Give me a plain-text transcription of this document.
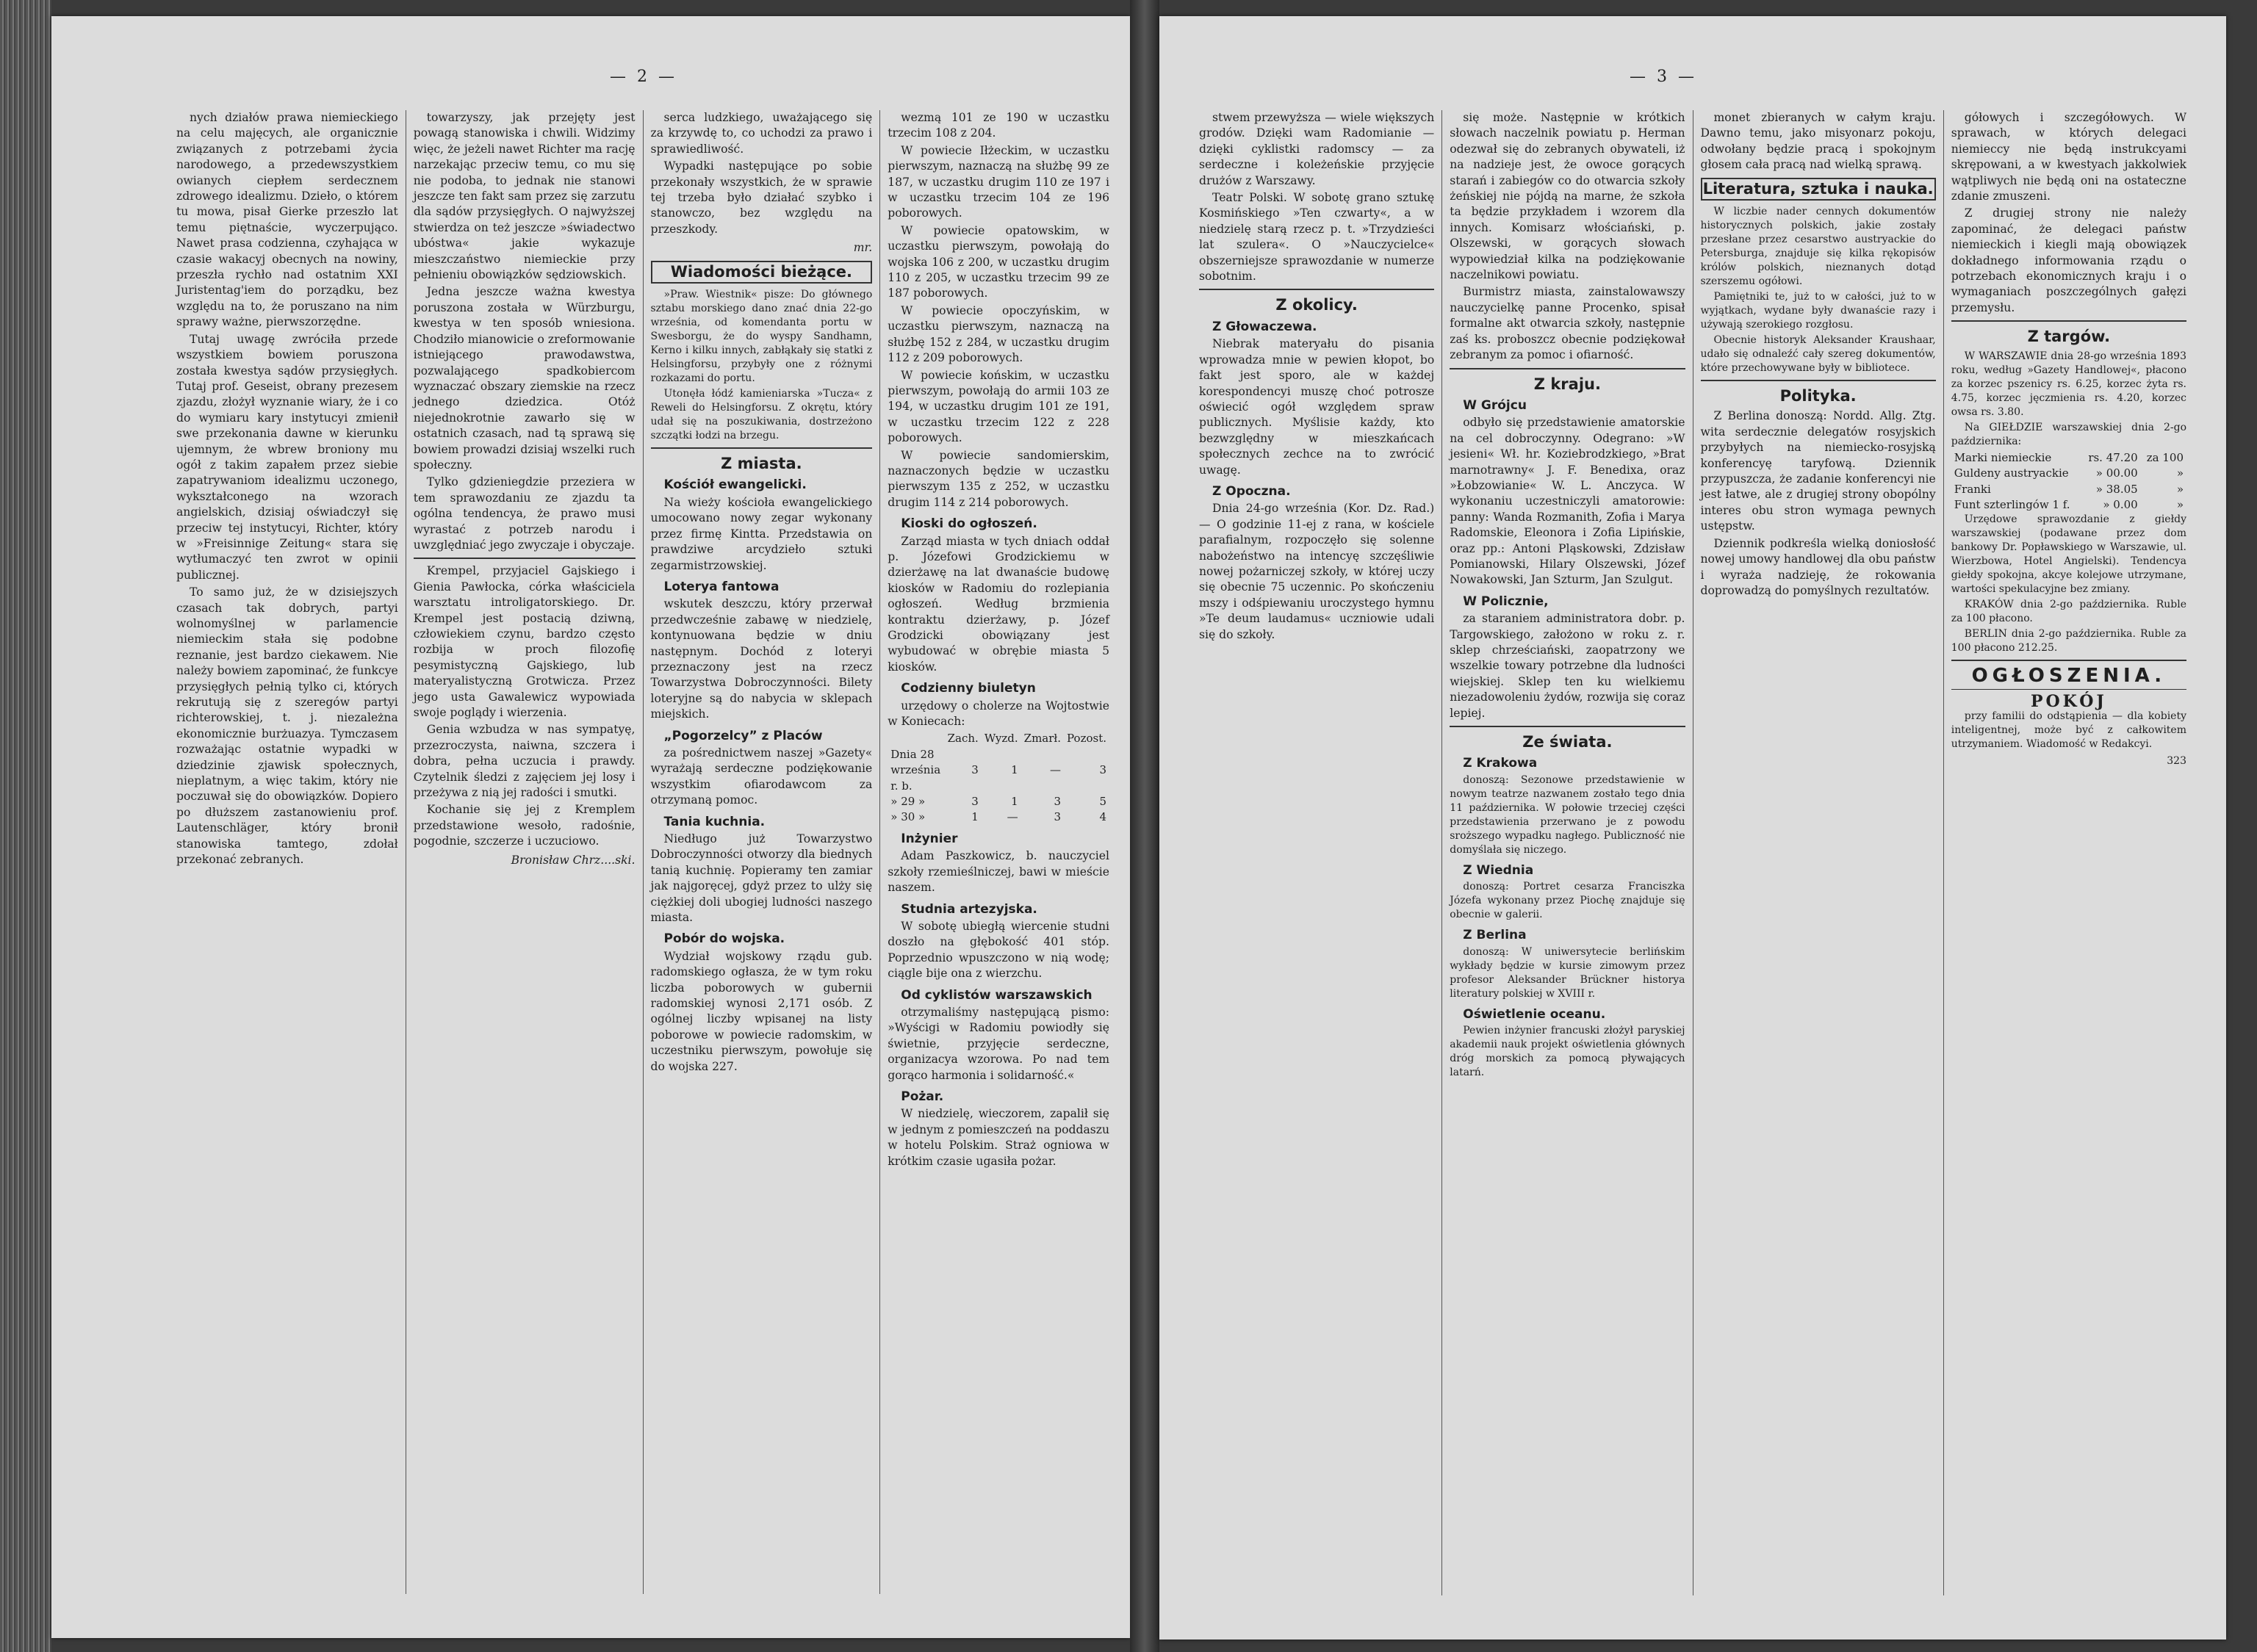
— 2 —

nych działów prawa niemieckiego na celu majęcych, ale organicznie związanych z potrzebami życia narodowego, a przedewszystkiem owianych ciepłem serdecznem zdrowego idealizmu. Dzieło, o którem tu mowa, pisał Gierke przeszło lat temu piętnaście, wyczerpująco. Nawet prasa codzienna, czyhająca w czasie wakacyj obecnych na nowiny, przeszła rychło nad ostatnim XXI Juristentag'iem do porządku, bez względu na to, że poruszano na nim sprawy ważne, pierwszorzędne.

Tutaj uwagę zwróciła przede wszystkiem bowiem poruszona została kwestya sądów przysięgłych. Tutaj prof. Geseist, obrany prezesem zjazdu, złożył wyznanie wiary, że i co do wymiaru kary instytucyi zmienił swe przekonania dawne w kierunku ujemnym, że wbrew broniony mu ogół z takim zapałem przez siebie zapatrywaniom idealizmu uczonego, wykształconego na wzorach angielskich, dzisiaj oświadczył się przeciw tej instytucyi, Richter, który w »Freisinnige Zeitung« stara się wytłumaczyć ten zwrot w opinii publicznej.

To samo już, że w dzisiejszych czasach tak dobrych, partyi wolnomyślnej w parlamencie niemieckim stała się podobne reznanie, jest bardzo ciekawem. Nie należy bowiem zapominać, że funkcye przysięgłych pełnią tylko ci, których rekrutują się z szeregów partyi richterowskiej, t. j. niezależna ekonomicznie burżuazya. Tymczasem rozważając ostatnie wypadki w dziedzinie zjawisk społecznych, nieplatnym, a więc takim, który nie poczuwał się do obowiązków. Dopiero po dłuższem zastanowieniu prof. Lautenschläger, który bronił stanowiska tamtego, zdołał przekonać zebranych.

towarzyszy, jak przejęty jest powagą stanowiska i chwili. Widzimy więc, że jeżeli nawet Richter ma rację narzekając przeciw temu, co mu się nie podoba, to jednak nie stanowi jeszcze ten fakt sam przez się zarzutu dla sądów przysięgłych. O najwyższej stwierdza on też jeszcze »świadectwo ubóstwa« jakie wykazuje mieszczaństwo niemieckie przy pełnieniu obowiązków sędziowskich.

Jedna jeszcze ważna kwestya poruszona została w Würzburgu, kwestya w ten sposób wniesiona. Chodziło mianowicie o zreformowanie istniejącego prawodawstwa, pozwalającego spadkobiercom wyznaczać obszary ziemskie na rzecz jednego dziedzica. Otóż niejednokrotnie zawarło się w ostatnich czasach, nad tą sprawą się bowiem prowadzi dzisiaj wszelki ruch społeczny.

Tylko gdzieniegdzie przeziera w tem sprawozdaniu ze zjazdu ta ogólna tendencya, że prawo musi wyrastać z potrzeb narodu i uwzględniać jego zwyczaje i obyczaje.

Krempel, przyjaciel Gajskiego i Gienia Pawłocka, córka właściciela warsztatu introligatorskiego. Dr. Krempel jest postacią dziwną, człowiekiem czynu, bardzo często rozbija w proch filozofię pesymistyczną Gajskiego, lub materyalistyczną Grotwicza. Przez jego usta Gawalewicz wypowiada swoje poglądy i wierzenia.

Genia wzbudza w nas sympatyę, przezroczysta, naiwna, szczera i dobra, pełna uczucia i prawdy. Czytelnik śledzi z zajęciem jej losy i przeżywa z nią jej radości i smutki.

Kochanie się jej z Kremplem przedstawione wesoło, radośnie, pogodnie, szczerze i uczuciowo.

Bronisław Chrz....ski.

serca ludzkiego, uważającego się za krzywdę to, co uchodzi za prawo i sprawiedliwość.

Wypadki następujące po sobie przekonały wszystkich, że w sprawie tej trzeba było działać szybko i stanowczo, bez względu na przeszkody.

mr.
Wiadomości bieżące.

»Praw. Wiestnik« pisze: Do głównego sztabu morskiego dano znać dnia 22-go września, od komendanta portu w Swesborgu, że do wyspy Sandhamn, Kerno i kilku innych, zabłąkały się statki z Helsingforsu, przybyły one z różnymi rozkazami do portu.

Utonęła łódź kamieniarska »Tucza« z Reweli do Helsingforsu. Z okrętu, który udał się na poszukiwania, dostrzeżono szczątki łodzi na brzegu.

Z miasta.
Kościół ewangelicki.

Na wieży kościoła ewangelickiego umocowano nowy zegar wykonany przez firmę Kintta. Przedstawia on prawdziwe arcydzieło sztuki zegarmistrzowskiej.

Loterya fantowa

wskutek deszczu, który przerwał przedwcześnie zabawę w niedzielę, kontynuowana będzie w dniu następnym. Dochód z loteryi przeznaczony jest na rzecz Towarzystwa Dobroczynności. Bilety loteryjne są do nabycia w sklepach miejskich.

„Pogorzelcy” z Placów

za pośrednictwem naszej »Gazety« wyrażają serdeczne podziękowanie wszystkim ofiarodawcom za otrzymaną pomoc.

Tania kuchnia.

Niedługo już Towarzystwo Dobroczynności otworzy dla biednych tanią kuchnię. Popieramy ten zamiar jak najgoręcej, gdyż przez to ulży się ciężkiej doli ubogiej ludności naszego miasta.

Pobór do wojska.

Wydział wojskowy rządu gub. radomskiego ogłasza, że w tym roku liczba poborowych w gubernii radomskiej wynosi 2,171 osób. Z ogólnej liczby wpisanej na listy poborowe w powiecie radomskim, w uczestniku pierwszym, powołuje się do wojska 227.

wezmą 101 ze 190 w uczastku trzecim 108 z 204.

W powiecie Iłżeckim, w uczastku pierwszym, naznaczą na służbę 99 ze 187, w uczastku drugim 110 ze 197 i w uczastku trzecim 104 ze 196 poborowych.

W powiecie opatowskim, w uczastku pierwszym, powołają do wojska 106 z 200, w uczastku drugim 110 z 205, w uczastku trzecim 99 ze 187 poborowych.

W powiecie opoczyńskim, w uczastku pierwszym, naznaczą na służbę 152 z 284, w uczastku drugim 112 z 209 poborowych.

W powiecie końskim, w uczastku pierwszym, powołają do armii 103 ze 194, w uczastku drugim 101 ze 191, w uczastku trzecim 122 z 228 poborowych.

W powiecie sandomierskim, naznaczonych będzie w uczastku pierwszym 135 z 252, w uczastku drugim 114 z 214 poborowych.

Kioski do ogłoszeń.

Zarząd miasta w tych dniach oddał p. Józefowi Grodzickiemu w dzierżawę na lat dwanaście budowę kiosków w Radomiu do rozlepiania ogłoszeń. Według brzmienia kontraktu dzierżawy, p. Józef Grodzicki obowiązany jest wybudować w obrębie miasta 5 kiosków.

Codzienny biuletyn

urzędowy o cholerze na Wojtostwie w Koniecach:

	Zach.	Wyzd.	Zmarł.	Pozost.
Dnia 28 września r. b.	3	1	—	3
» 29 »	3	1	3	5
» 30 »	1	—	3	4
Inżynier

Adam Paszkowicz, b. nauczyciel szkoły rzemieślniczej, bawi w mieście naszem.

Studnia artezyjska.

W sobotę ubiegłą wiercenie studni doszło na głębokość 401 stóp. Poprzednio wpuszczono w nią wodę; ciągle bije ona z wierzchu.

Od cyklistów warszawskich

otrzymaliśmy następującą pismo: »Wyścigi w Radomiu powiodły się świetnie, przyjęcie serdeczne, organizacya wzorowa. Po nad tem gorąco harmonia i solidarność.«

Pożar.

W niedzielę, wieczorem, zapalił się w jednym z pomieszczeń na poddaszu w hotelu Polskim. Straż ogniowa w krótkim czasie ugasiła pożar.

— 3 —

stwem przewyższa — wiele większych grodów. Dzięki wam Radomianie — dzięki cyklistki radomscy — za serdeczne i koleżeńskie przyjęcie drużów z Warszawy.

Teatr Polski. W sobotę grano sztukę Kosmińskiego »Ten czwarty«, a w niedzielę starą rzecz p. t. »Trzydzieści lat szulera«. O »Nauczycielce« obszerniejsze sprawozdanie w numerze sobotnim.

Z okolicy.
Z Głowaczewa.

Niebrak materyału do pisania wprowadza mnie w pewien kłopot, bo fakt jest sporo, ale w każdej korespondencyi muszę choć potrosze oświecić ogół względem spraw publicznych. Myślisie każdy, kto bezwzględny w mieszkańcach społecznych zechce na to zwrócić uwagę.

Z Opoczna.

Dnia 24-go września (Kor. Dz. Rad.) — O godzinie 11-ej z rana, w kościele parafialnym, rozpoczęło się solenne nabożeństwo na intencyę szczęśliwie nowej pożarniczej szkoły, w której uczy się obecnie 75 uczennic. Po skończeniu mszy i odśpiewaniu uroczystego hymnu »Te deum laudamus« uczniowie udali się do szkoły.

się może. Następnie w krótkich słowach naczelnik powiatu p. Herman odezwał się do zebranych obywateli, iż na nadzieje jest, że owoce gorących starań i zabiegów co do otwarcia szkoły żeńskiej nie pójdą na marne, że szkoła ta będzie przykładem i wzorem dla innych. Komisarz włościański, p. Olszewski, w gorących słowach wypowiedział kilka na podziękowanie naczelnikowi powiatu.

Burmistrz miasta, zainstalowawszy nauczycielkę panne Procenko, spisał formalne akt otwarcia szkoły, następnie zaś ks. proboszcz obecnie podziękował zebranym za pomoc i ofiarność.

Z kraju.
W Grójcu

odbyło się przedstawienie amatorskie na cel dobroczynny. Odegrano: »W jesieni« Wł. hr. Koziebrodzkiego, »Brat marnotrawny« J. F. Benedixa, oraz »Łobzowianie« W. L. Anczyca. W wykonaniu uczestniczyli amatorowie: panny: Wanda Rozmanith, Zofia i Marya Radomskie, Eleonora i Zofia Lipińskie, oraz pp.: Antoni Pląskowski, Zdzisław Pomianowski, Hilary Olszewski, Józef Nowakowski, Jan Szturm, Jan Szulgut.

W Policznie,

za staraniem administratora dobr. p. Targowskiego, założono w roku z. r. sklep chrześciański, zaopatrzony we wszelkie towary potrzebne dla ludności wiejskiej. Sklep ten ku wielkiemu niezadowoleniu żydów, rozwija się coraz lepiej.

Ze świata.
Z Krakowa

donoszą: Sezonowe przedstawienie w nowym teatrze nazwanem zostało tego dnia 11 października. W połowie trzeciej części przedstawienia przerwano je z powodu sroższego wypadku nagłego. Publiczność nie domyślała się niczego.

Z Wiednia

donoszą: Portret cesarza Franciszka Józefa wykonany przez Piochę znajduje się obecnie w galerii.

Z Berlina

donoszą: W uniwersytecie berlińskim wykłady będzie w kursie zimowym przez profesor Aleksander Brückner historya literatury polskiej w XVIII r.

Oświetlenie oceanu.

Pewien inżynier francuski złożył paryskiej akademii nauk projekt oświetlenia głównych dróg morskich za pomocą pływających latarń.

monet zbieranych w całym kraju. Dawno temu, jako misyonarz pokoju, odwołany będzie pracą i spokojnym głosem cała pracą nad wielką sprawą.

Literatura, sztuka i nauka.

W liczbie nader cennych dokumentów historycznych polskich, jakie zostały przesłane przez cesarstwo austryackie do Petersburga, znajduje się kilka rękopisów królów polskich, nieznanych dotąd szerszemu ogółowi.

Pamiętniki te, już to w całości, już to w wyjątkach, wydane były dwanaście razy i używają szerokiego rozgłosu.

Obecnie historyk Aleksander Kraushaar, udało się odnaleźć cały szereg dokumentów, które przechowywane były w bibliotece.

Polityka.

Z Berlina donoszą: Nordd. Allg. Ztg. wita serdecznie delegatów rosyjskich przybyłych na niemiecko-rosyjską konferencyę taryfową. Dziennik przypuszcza, że zadanie konferencyi nie jest łatwe, ale z drugiej strony obopólny interes obu stron wymaga pewnych ustępstw.

Dziennik podkreśla wielką doniosłość nowej umowy handlowej dla obu państw i wyraża nadzieję, że rokowania doprowadzą do pomyślnych rezultatów.

gółowych i szczegółowych. W sprawach, w których delegaci niemieccy nie będą instrukcyami skrępowani, a w kwestyach jakkolwiek wątpliwych nie będą oni na ostateczne zdanie zmuszeni.

Z drugiej strony nie należy zapominać, że delegaci państw niemieckich i kiegli mają obowiązek dokładnego informowania rządu o potrzebach ekonomicznych kraju i o wymaganiach poszczególnych gałęzi przemysłu.

Z targów.

W WARSZAWIE dnia 28-go września 1893 roku, według »Gazety Handlowej«, płacono za korzec pszenicy rs. 6.25, korzec żyta rs. 4.75, korzec jęczmienia rs. 4.20, korzec owsa rs. 3.80.

Na GIEŁDZIE warszawskiej dnia 2-go października:

Marki niemieckie	rs. 47.20	za 100
Guldeny austryackie	» 00.00	»
Franki	» 38.05	»
Funt szterlingów 1 f.	» 0.00	»

Urzędowe sprawozdanie z giełdy warszawskiej (podawane przez dom bankowy Dr. Popławskiego w Warszawie, ul. Wierzbowa, Hotel Angielski). Tendencya giełdy spokojna, akcye kolejowe utrzymane, wartości spekulacyjne bez zmiany.

KRAKÓW dnia 2-go października. Ruble za 100 płacono.

BERLIN dnia 2-go października. Ruble za 100 płacono 212.25.

OGŁOSZENIA.
POKÓJ

przy familii do odstąpienia — dla kobiety inteligentnej, może być z całkowitem utrzymaniem. Wiadomość w Redakcyi.

323
